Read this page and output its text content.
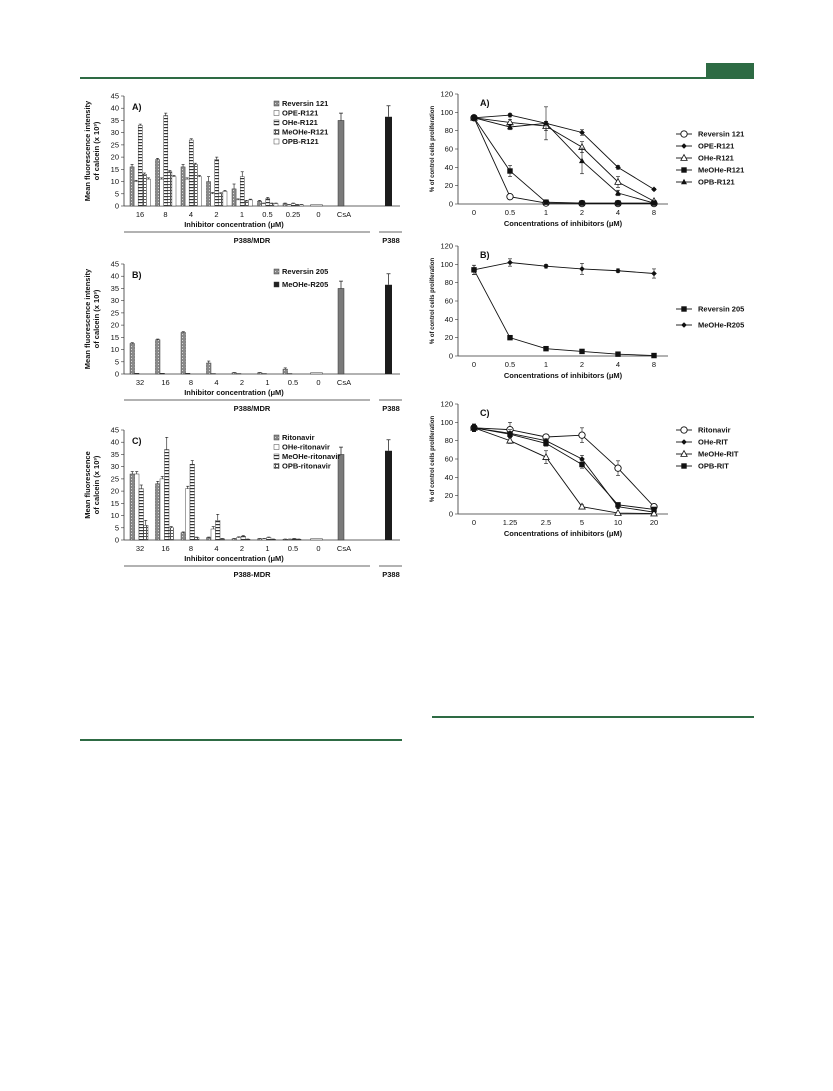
0
5
10
15
20
25
30
35
40
45
Mean fluorescence intensity of calcein (x 10³)
16	8	4	2	1 0.5 0.25 0 CsA
Inhibitor concentration (μM)
P388/MDR	P388
A)	Reversin 121
OPE-R121
OHe-R121
MeOHe-R121
OPB-R121
0
5
10
15
20
25
30
35
40
45
Mean fluorescence intensity of calcein (x 10³)
32 16	8	4	2	1 0.5 0 CsA
Inhibitor concentration (μM)
P388/MDR	P388
B)	Reversin 205
MeOHe-R205
0
5
10
15
20
25
30
35
40
45
Mean fluorescence of calcein (x 10³)
32 16	8	4	2	1 0.5 0 CsA
Inhibitor concentration (μM)
P388-MDR	P388
C)	Ritonavir
OHe-ritonavir
MeOHe-ritonavir
OPB-ritonavir
0
20
40
60
80
100
120
0	0.5	1	2	4	8
% of control cells proliferation
Concentrations of inhibitors (μM)
A)
Reversin 121
OPE-R121
OHe-R121
MeOHe-R121
OPB-R121
0
20
40
60
80
100
120
0	0.5	1	2	4	8
% of control cells proliferation
Concentrations of inhibitors (μM)
B)
Reversin 205
MeOHe-R205
0
20
40
60
80
100
120
0	1.25	2.5	5	10	20
% of control cells proliferation
Concentrations of inhibitors (μM)
C)
Ritonavir
OHe-RIT
MeOHe-RIT
OPB-RIT
